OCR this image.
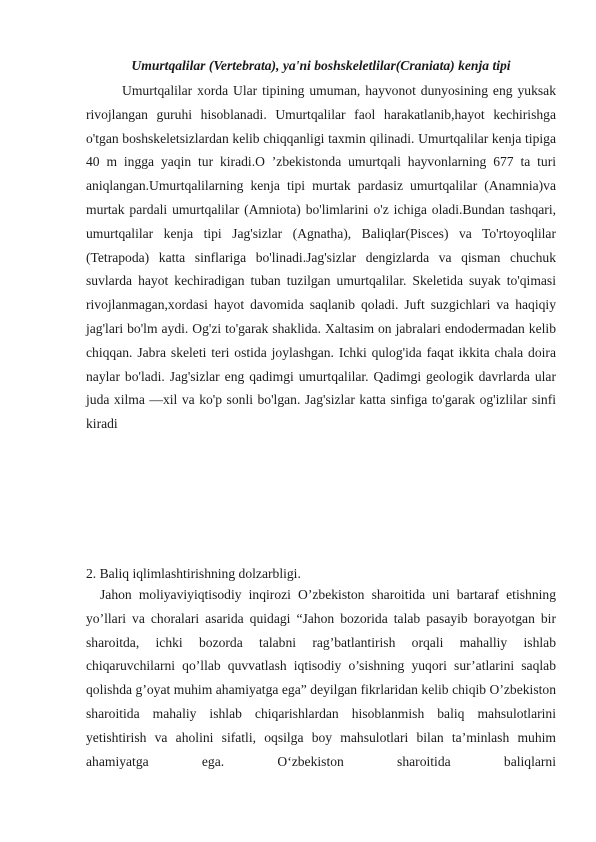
Umurtqalilar (Vertebrata), ya'ni boshskeletlilar(Craniata) kenja tipi

Umurtqalilar xorda Ular tipining umuman, hayvonot dunyosining eng yuksak rivojlangan guruhi hisoblanadi. Umurtqalilar faol harakatlanib,hayot kechirishga o'tgan boshskeletsizlardan kelib chiqqanligi taxmin qilinadi. Umurtqalilar kenja tipiga 40 m ingga yaqin tur kiradi.O ’zbekistonda umurtqali hayvonlarning 677 ta turi aniqlangan.Umurtqalilarning kenja tipi murtak pardasiz umurtqalilar (Anamnia)va murtak pardali umurtqalilar (Amniota) bo'limlarini o'z ichiga oladi.Bundan tashqari, umurtqalilar kenja tipi Jag'sizlar (Agnatha), Baliqlar(Pisces) va To'rtoyoqlilar (Tetrapoda) katta sinflariga bo'linadi.Jag'sizlar dengizlarda va qisman chuchuk suvlarda hayot kechiradigan tuban tuzilgan umurtqalilar. Skeletida suyak to'qimasi rivojlanmagan,xordasi hayot davomida saqlanib qoladi. Juft suzgichlari va haqiqiy jag'lari bo'lm aydi. Og'zi to'garak shaklida. Xaltasim on jabralari endodermadan kelib chiqqan. Jabra skeleti teri ostida joylashgan. Ichki qulog'ida faqat ikkita chala doira naylar bo'ladi. Jag'sizlar eng qadimgi umurtqalilar. Qadimgi geologik davrlarda ular juda xilma —xil va ko'p sonli bo'lgan. Jag'sizlar katta sinfiga to'garak og'izlilar sinfi kiradi

2. Baliq iqlimlashtirishning dolzarbligi.

Jahon moliyaviyiqtisodiy inqirozi O’zbekiston sharoitida uni bartaraf etishning yo’llari va choralari asarida quidagi “Jahon bozorida talab pasayib borayotgan bir sharoitda, ichki bozorda talabni rag’batlantirish orqali mahalliy ishlab chiqaruvchilarni qo’llab quvvatlash iqtisodiy o’sishning yuqori sur’atlarini saqlab qolishda g’oyat muhim ahamiyatga ega” deyilgan fikrlaridan kelib chiqib O’zbekiston sharoitida mahaliy ishlab chiqarishlardan hisoblanmish baliq mahsulotlarini yetishtirish va aholini sifatli, oqsilga boy mahsulotlari bilan ta’minlash muhim ahamiyatga ega. O‘zbekiston sharoitida baliqlarni
